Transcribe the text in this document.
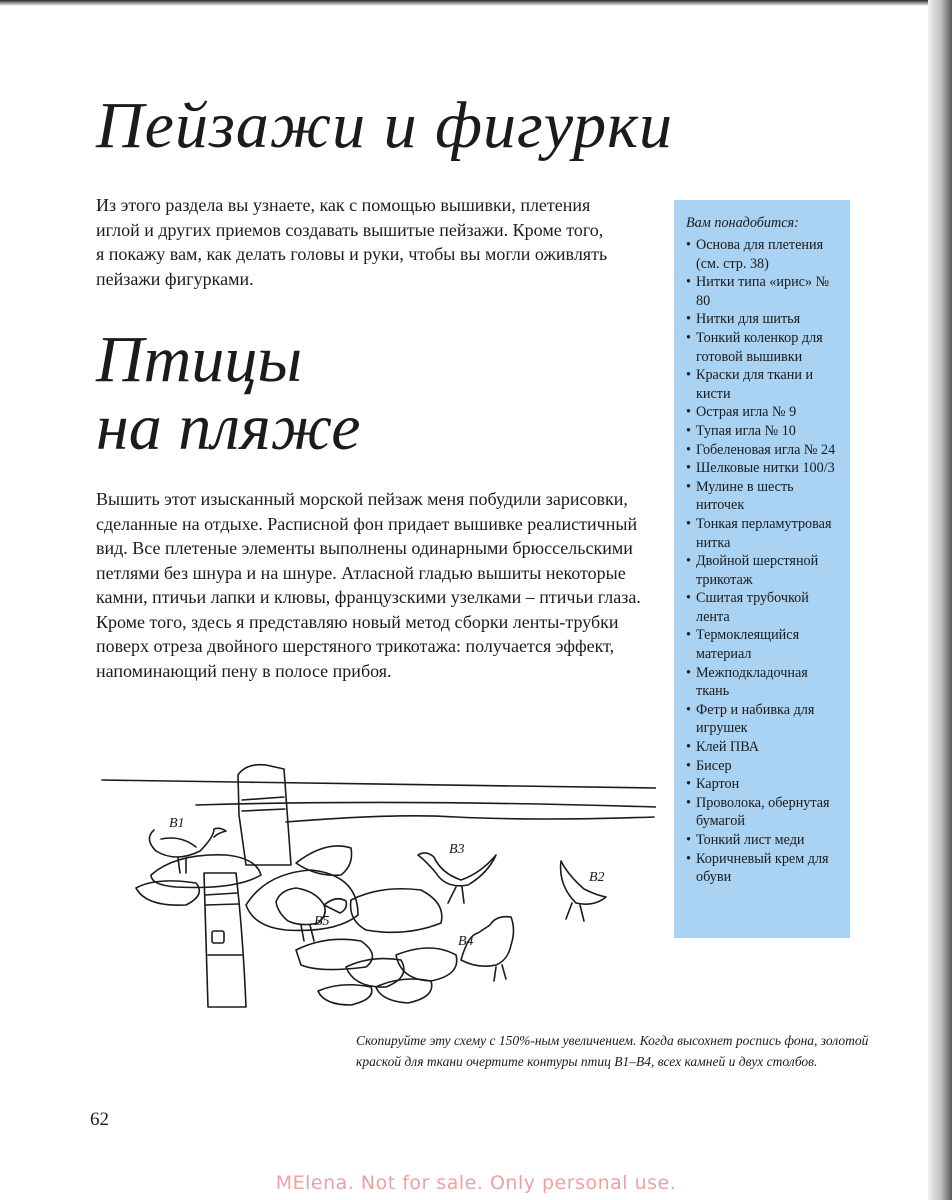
Пейзажи и фигурки

Из этого раздела вы узнаете, как с помощью вышивки, плетения иглой и других приемов создавать вышитые пейзажи. Кроме того, я покажу вам, как делать головы и руки, чтобы вы могли оживлять пейзажи фигурками.

Птицы
на пляже

Вышить этот изысканный морской пейзаж меня побудили зарисовки, сделанные на отдыхе. Расписной фон придает вышивке реалистичный вид. Все плетеные элементы выполнены одинарными брюссельскими петлями без шнура и на шнуре. Атласной гладью вышиты некоторые камни, птичьи лапки и клювы, французскими узелками – птичьи глаза. Кроме того, здесь я представляю новый метод сборки ленты-трубки поверх отреза двойного шерстяного трикотажа: получается эффект, напоминающий пену в полосе прибоя.

Вам понадобится:
• Основа для плетения (см. стр. 38)
• Нитки типа «ирис» № 80
• Нитки для шитья
• Тонкий коленкор для готовой вышивки
• Краски для ткани и кисти
• Острая игла № 9
• Тупая игла № 10
• Гобеленовая игла № 24
• Шелковые нитки 100/3
• Мулине в шесть ниточек
• Тонкая перламутровая нитка
• Двойной шерстяной трикотаж
• Сшитая трубочкой лента
• Термоклеящийся материал
• Межподкладочная ткань
• Фетр и набивка для игрушек
• Клей ПВА
• Бисер
• Картон
• Проволока, обернутая бумагой
• Тонкий лист меди
• Коричневый крем для обуви
B1
B3
B2
B5
B4

Скопируйте эту схему с 150%-ным увеличением. Когда высохнет роспись фона, золотой краской для ткани очертите контуры птиц В1–В4, всех камней и двух столбов.

62
MElena. Not for sale. Only personal use.
